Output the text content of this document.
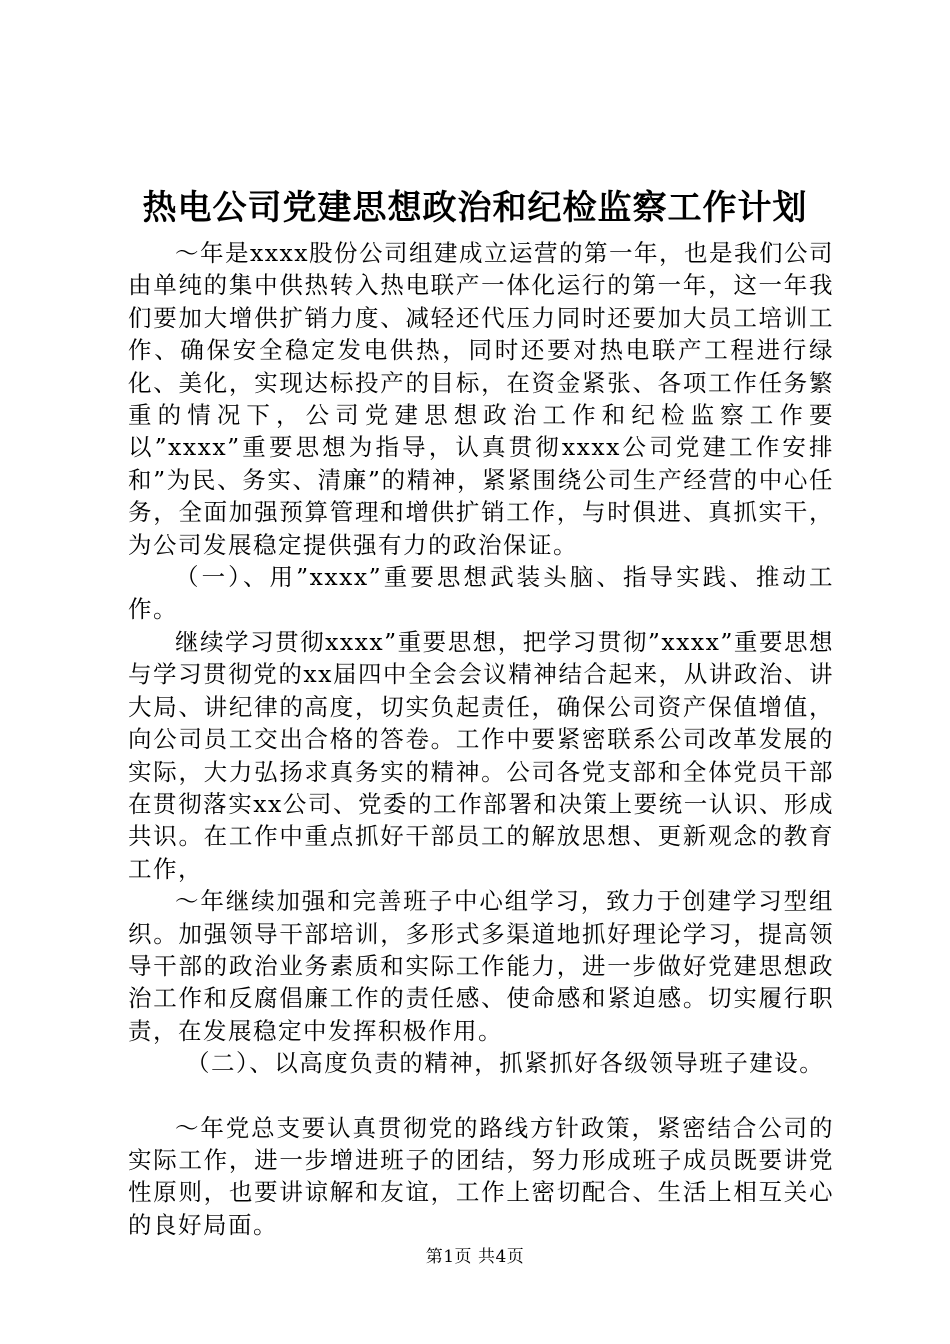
热电公司党建思想政治和纪检监察工作计划

～年是xxxx股份公司组建成立运营的第一年，也是我们公司由单纯的集中供热转入热电联产一体化运行的第一年，这一年我们要加大增供扩销力度、减轻还代压力同时还要加大员工培训工作、确保安全稳定发电供热，同时还要对热电联产工程进行绿化、美化，实现达标投产的目标，在资金紧张、各项工作任务繁重的情况下，公司党建思想政治工作和纪检监察工作要以”xxxx”重要思想为指导，认真贯彻xxxx公司党建工作安排和”为民、务实、清廉”的精神，紧紧围绕公司生产经营的中心任务，全面加强预算管理和增供扩销工作，与时俱进、真抓实干，为公司发展稳定提供强有力的政治保证。

（一）、用”xxxx”重要思想武装头脑、指导实践、推动工作。

继续学习贯彻xxxx”重要思想，把学习贯彻”xxxx”重要思想与学习贯彻党的xx届四中全会会议精神结合起来，从讲政治、讲大局、讲纪律的高度，切实负起责任，确保公司资产保值增值，向公司员工交出合格的答卷。工作中要紧密联系公司改革发展的实际，大力弘扬求真务实的精神。公司各党支部和全体党员干部在贯彻落实xx公司、党委的工作部署和决策上要统一认识、形成共识。在工作中重点抓好干部员工的解放思想、更新观念的教育工作，

～年继续加强和完善班子中心组学习，致力于创建学习型组织。加强领导干部培训，多形式多渠道地抓好理论学习，提高领导干部的政治业务素质和实际工作能力，进一步做好党建思想政治工作和反腐倡廉工作的责任感、使命感和紧迫感。切实履行职责，在发展稳定中发挥积极作用。

（二）、以高度负责的精神，抓紧抓好各级领导班子建设。

～年党总支要认真贯彻党的路线方针政策，紧密结合公司的实际工作，进一步增进班子的团结，努力形成班子成员既要讲党性原则，也要讲谅解和友谊，工作上密切配合、生活上相互关心的良好局面。

第1页 共4页
